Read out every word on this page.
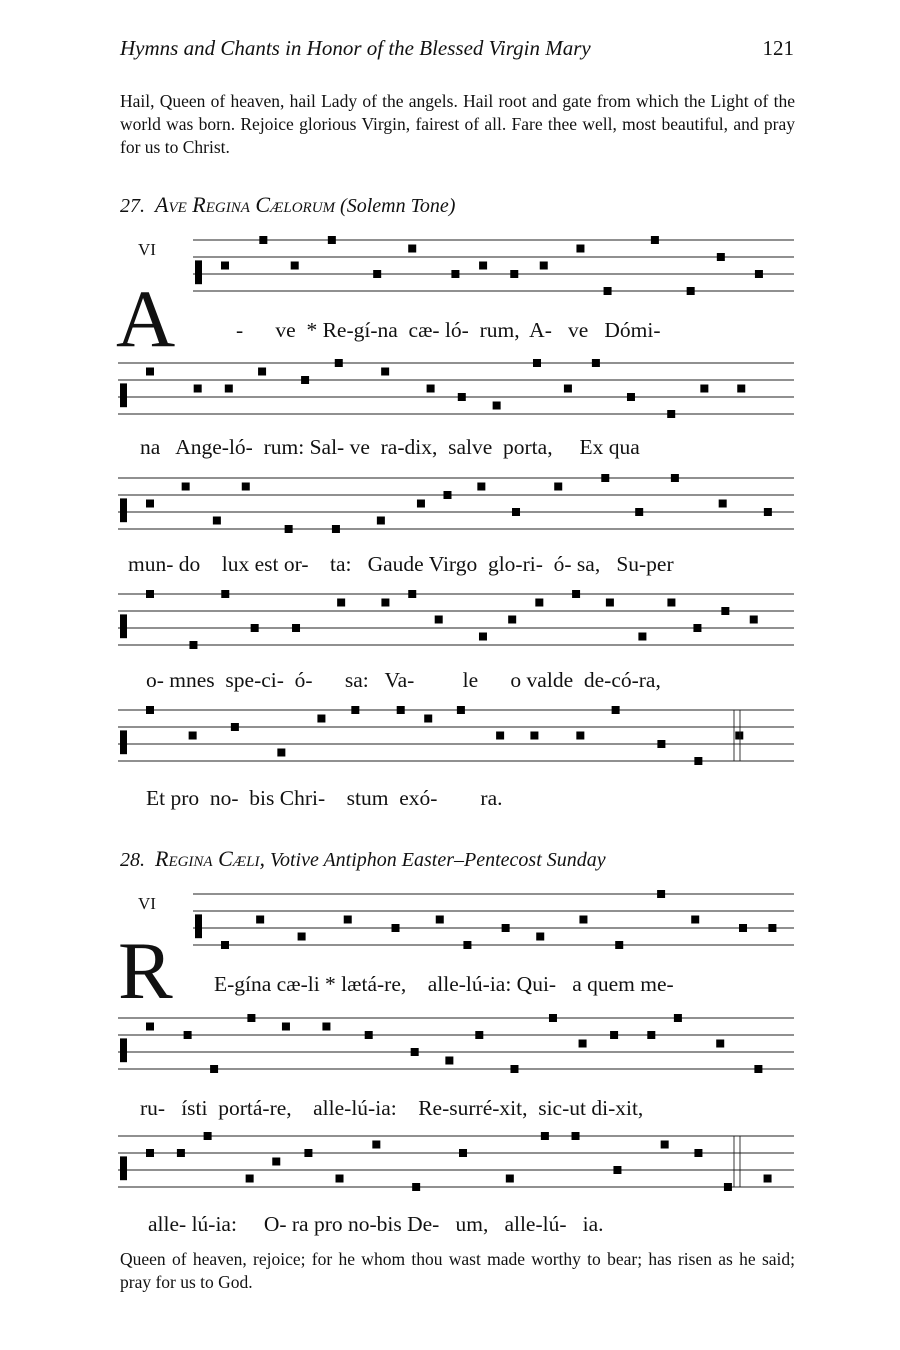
Hymns and Chants in Honor of the Blessed Virgin Mary	121
Hail, Queen of heaven, hail Lady of the angels. Hail root and gate from which the Light of the world was born. Rejoice glorious Virgin, fairest of all. Fare thee well, most beautiful, and pray for us to Christ.
27. Ave Regina Cælorum (Solemn Tone)
VI
A	-      ve  * Re-gí-na  cæ- ló-  rum,  A-   ve   Dómi-
na   Ange-ló-  rum: Sal- ve  ra-dix,  salve  porta,     Ex qua
mun- do    lux est or-    ta:   Gaude Virgo  glo-ri-  ó- sa,   Su-per
o- mnes  spe-ci-  ó-      sa:   Va-         le      o valde  de-có-ra,
Et pro  no-  bis Chri-    stum  exó-        ra.
28. Regina Cæli, Votive Antiphon Easter–Pentecost Sunday
VI
R E-gína cæ-li * lætá-re,    alle-lú-ia: Qui-   a quem me-
ru-   ísti  portá-re,    alle-lú-ia:    Re-surré-xit,  sic-ut di-xit,
alle- lú-ia:     O- ra pro no-bis De-   um,   alle-lú-   ia.
Queen of heaven, rejoice; for he whom thou wast made worthy to bear; has risen as he said; pray for us to God.
